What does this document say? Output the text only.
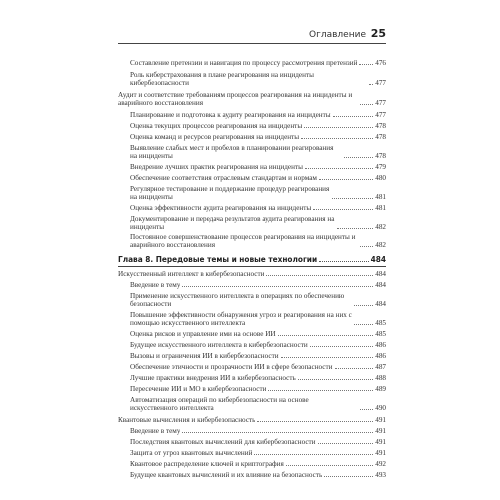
Оглавление 25
Составление претензии и навигация по процессу рассмотрения претензий 476
Роль киберстрахования в плане реагирования на инциденты кибербезопасности	477
Аудит и соответствие требованиям процессов реагирования на инциденты и аварийного восстановления	477
Планирование и подготовка к аудиту реагирования на инциденты	477
Оценка текущих процессов реагирования на инциденты	478
Оценка команд и ресурсов реагирования на инциденты	478
Выявление слабых мест и пробелов в планировании реагирования на инциденты	478
Внедрение лучших практик реагирования на инциденты	479
Обеспечение соответствия отраслевым стандартам и нормам	480
Регулярное тестирование и поддержание процедур реагирования на инциденты	481
Оценка эффективности аудита реагирования на инциденты	481
Документирование и передача результатов аудита реагирования на инциденты	482
Постоянное совершенствование процессов реагирования на инциденты и аварийного восстановления	482
Глава 8. Передовые темы и новые технологии	484
Искусственный интеллект в кибербезопасности	484
Введение в тему	484
Применение искусственного интеллекта в операциях по обеспечению безопасности	484
Повышение эффективности обнаружения угроз и реагирования на них с помощью искусственного интеллекта	485
Оценка рисков и управление ими на основе ИИ	485
Будущее искусственного интеллекта в кибербезопасности	486
Вызовы и ограничения ИИ в кибербезопасности	486
Обеспечение этичности и прозрачности ИИ в сфере безопасности	487
Лучшие практики внедрения ИИ в кибербезопасность	488
Пересечение ИИ и МО в кибербезопасности	489
Автоматизация операций по кибербезопасности на основе искусственного интеллекта	490
Квантовые вычисления и кибербезопасность	491
Введение в тему	491
Последствия квантовых вычислений для кибербезопасности	491
Защита от угроз квантовых вычислений	491
Квантовое распределение ключей и криптография	492
Будущее квантовых вычислений и их влияние на безопасность	493
